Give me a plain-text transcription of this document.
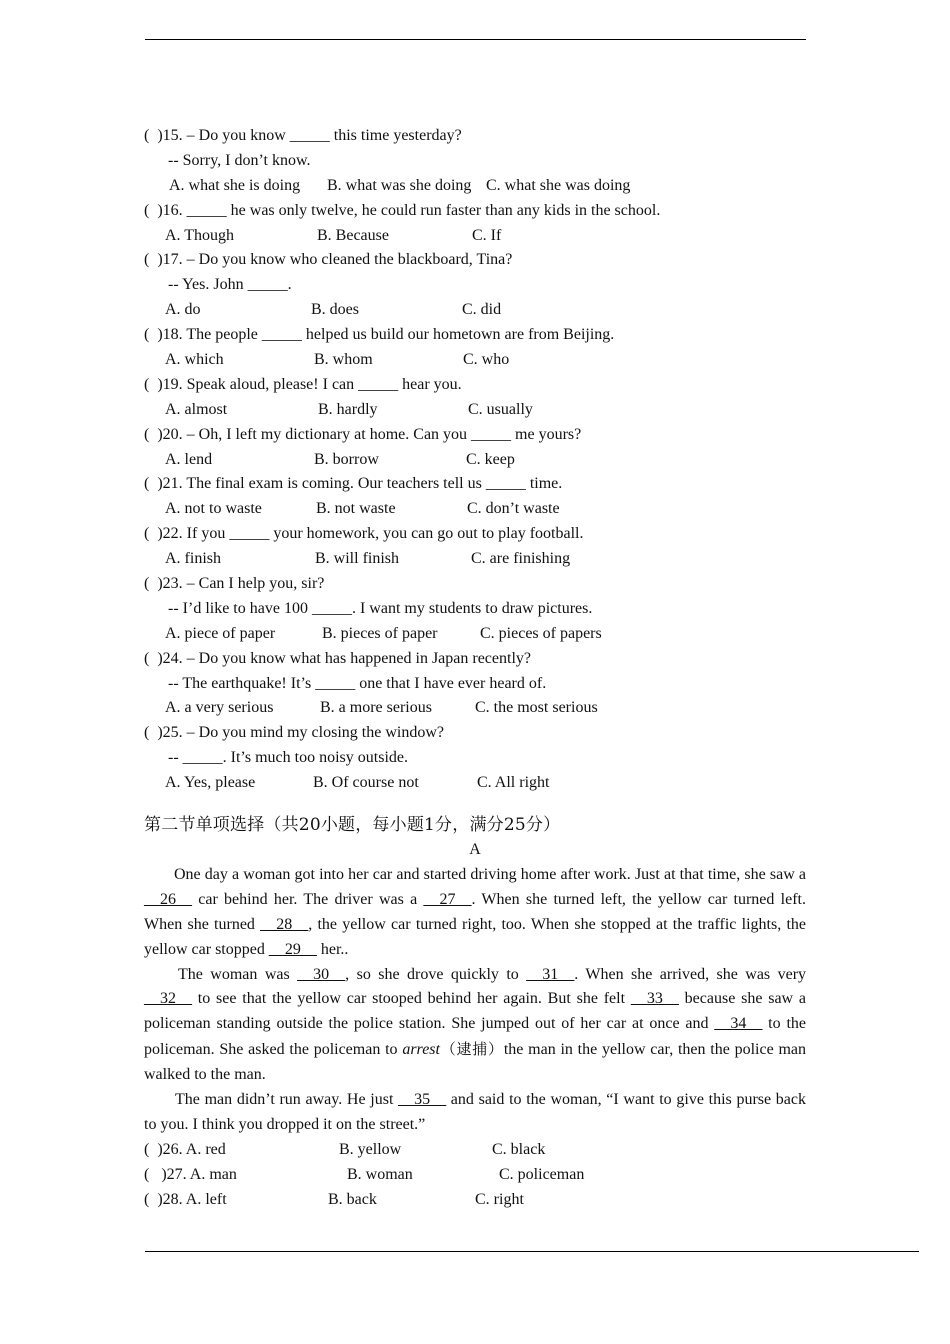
(  )15. – Do you know _____ this time yesterday?
-- Sorry, I don’t know.

A. what she is doing

B. what was she doing

C. what she was doing

(  )16. _____ he was only twelve, he could run faster than any kids in the school.

A. Though

	B. Because

	C. If

(  )17. – Do you know who cleaned the blackboard, Tina?
-- Yes. John _____.

A. do

	B. does

	C. did

(  )18. The people _____ helped us build our hometown are from Beijing.

A. which

	B. whom

	C. who

(  )19. Speak aloud, please! I can _____ hear you.

A. almost

	B. hardly

	C. usually

(  )20. – Oh, I left my dictionary at home. Can you _____ me yours?

A. lend

	B. borrow

	C. keep

(  )21. The final exam is coming. Our teachers tell us _____ time.

A. not to waste

	B. not waste

	C. don’t waste

(  )22. If you _____ your homework, you can go out to play football.

A. finish

	B. will finish

	C. are finishing

(  )23. – Can I help you, sir?
-- I’d like to have 100 _____. I want my students to draw pictures.

A. piece of paper

	B. pieces of paper

	C. pieces of papers

(  )24. – Do you know what has happened in Japan recently?
-- The earthquake! It’s _____ one that I have ever heard of.

A. a very serious

	B. a more serious

	C. the most serious

(  )25. – Do you mind my closing the window?
-- _____. It’s much too noisy outside.

A. Yes, please

	B. Of course not

	C. All right

第二节单项选择（共20小题，每小题1分，满分25分）
A

One day a woman got into her car and started driving home after work. Just at that time, she saw a __26__ car behind her. The driver was a __27__. When she turned left, the yellow car turned left. When she turned __28__, the yellow car turned right, too. When she stopped at the traffic lights, the yellow car stopped __29__ her..

The woman was __30__, so she drove quickly to __31__. When she arrived, she was very __32__ to see that the yellow car stooped behind her again. But she felt __33__ because she saw a policeman standing outside the police station. She jumped out of her car at once and __34__ to the policeman. She asked the policeman to arrest（逮捕）the man in the yellow car, then the police man walked to the man.

The man didn’t run away. He just __35__ and said to the woman, “I want to give this purse back to you. I think you dropped it on the street.”

(  )26. A. red

	B. yellow

	C. black

(   )27. A. man

	B. woman

	C. policeman

(  )28. A. left

	B. back

	C. right
